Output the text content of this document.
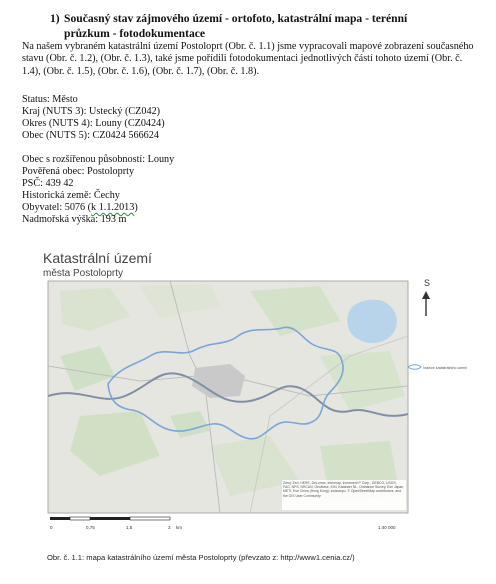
1) Současný stav zájmového území - ortofoto, katastrální mapa - terénní průzkum - fotodokumentace
Na našem vybraném katastrální území Postoloprt (Obr. č. 1.1) jsme vypracovali mapové zobrazení současného stavu (Obr. č. 1.2), (Obr. č. 1.3), také jsme pořídili fotodokumentaci jednotlivých částí tohoto území (Obr. č. 1.4), (Obr. č. 1.5), (Obr. č. 1.6), (Obr. č. 1.7), (Obr. č. 1.8).
Status: Město
Kraj (NUTS 3): Ustecký (CZ042)
Okres (NUTS 4): Louny (CZ0424)
Obec (NUTS 5): CZ0424 566624
Obec s rozšířenou působností: Louny
Pověřená obec: Postoloprty
PSČ: 439 42
Historická země: Čechy
Obyvatel: 5076 (k 1.1.2013)
Nadmořská výška: 193 m
Katastrální území
města Postoloprty
Zdroj: Esri, HERE, DeLorme, Intermap, increment P Corp., GEBCO, USGS, FAO, NPS, NRCAN, GeoBase, IGN, Kadaster NL, Ordnance Survey, Esri Japan, METI, Esri China (Hong Kong), swisstopo, © OpenStreetMap contributors, and the GIS User Community
S
hranice katastrálního území
0	0,75	1,5	3 km	1:40 000
Obr. č. 1.1: mapa katastrálního území města Postoloprty (převzato z: http://www1.cenia.cz/)
